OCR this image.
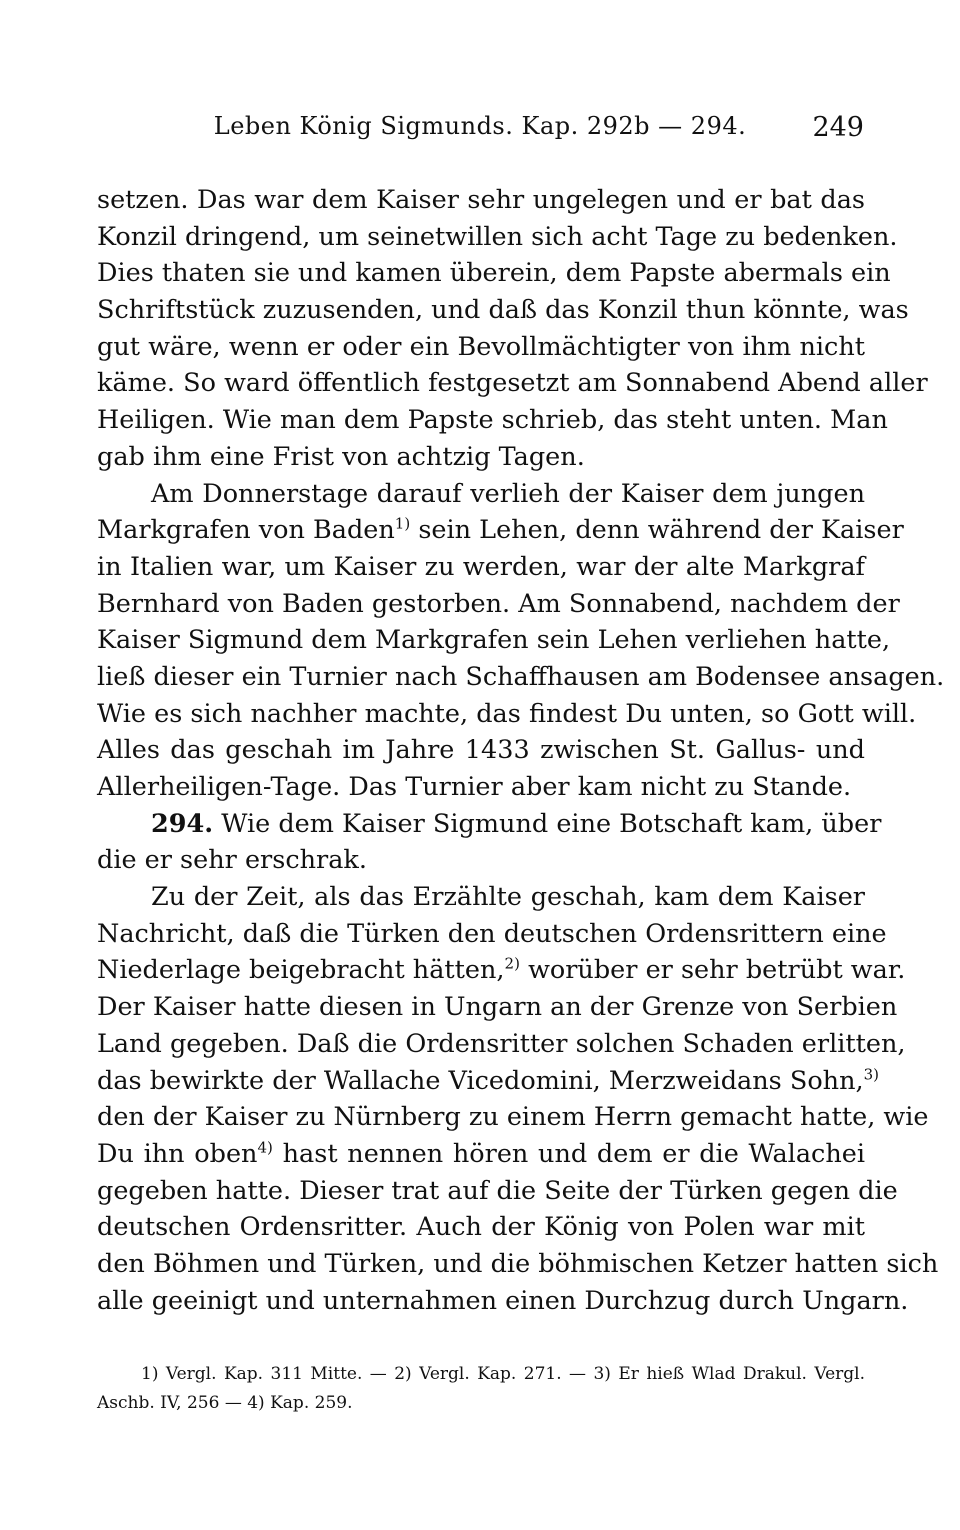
Leben König Sigmunds. Kap. 292b — 294.	249
setzen. Das war dem Kaiser sehr ungelegen und er bat das
Konzil dringend, um seinetwillen sich acht Tage zu bedenken.
Dies thaten sie und kamen überein, dem Papste abermals ein
Schriftstück zuzusenden, und daß das Konzil thun könnte, was
gut wäre, wenn er oder ein Bevollmächtigter von ihm nicht
käme. So ward öffentlich festgesetzt am Sonnabend Abend aller
Heiligen. Wie man dem Papste schrieb, das steht unten. Man
gab ihm eine Frist von achtzig Tagen.
Am Donnerstage darauf verlieh der Kaiser dem jungen
Markgrafen von Baden$^{1)}$ sein Lehen, denn während der Kaiser
in Italien war, um Kaiser zu werden, war der alte Markgraf
Bernhard von Baden gestorben. Am Sonnabend, nachdem der
Kaiser Sigmund dem Markgrafen sein Lehen verliehen hatte,
ließ dieser ein Turnier nach Schaffhausen am Bodensee ansagen.
Wie es sich nachher machte, das findest Du unten, so Gott will.
Alles das geschah im Jahre 1433 zwischen St. Gallus- und
Allerheiligen-Tage. Das Turnier aber kam nicht zu Stande.
294. Wie dem Kaiser Sigmund eine Botschaft kam, über
die er sehr erschrak.
Zu der Zeit, als das Erzählte geschah, kam dem Kaiser
Nachricht, daß die Türken den deutschen Ordensrittern eine
Niederlage beigebracht hätten,$^{2)}$ worüber er sehr betrübt war.
Der Kaiser hatte diesen in Ungarn an der Grenze von Serbien
Land gegeben. Daß die Ordensritter solchen Schaden erlitten,
das bewirkte der Wallache Vicedomini, Merzweidans Sohn,$^{3)}$
den der Kaiser zu Nürnberg zu einem Herrn gemacht hatte, wie
Du ihn oben$^{4)}$ hast nennen hören und dem er die Walachei
gegeben hatte. Dieser trat auf die Seite der Türken gegen die
deutschen Ordensritter. Auch der König von Polen war mit
den Böhmen und Türken, und die böhmischen Ketzer hatten sich
alle geeinigt und unternahmen einen Durchzug durch Ungarn.
1) Vergl. Kap. 311 Mitte. — 2) Vergl. Kap. 271. — 3) Er hieß Wlad Drakul. Vergl.
Aschb. IV, 256 — 4) Kap. 259.
